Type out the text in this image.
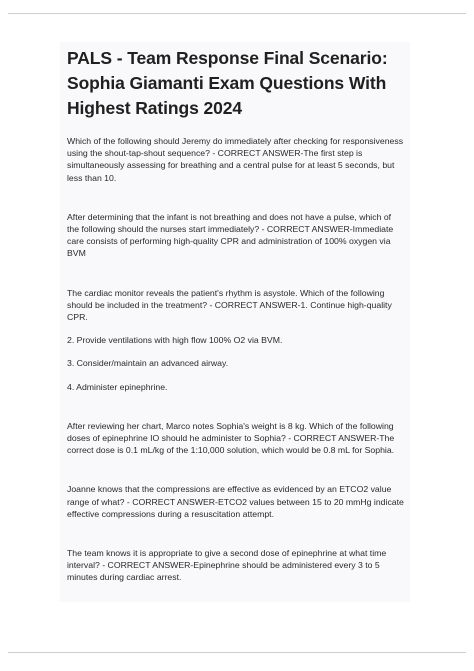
PALS - Team Response Final Scenario: Sophia Giamanti Exam Questions With Highest Ratings 2024

Which of the following should Jeremy do immediately after checking for responsiveness using the shout-tap-shout sequence? - CORRECT ANSWER-The first step is simultaneously assessing for breathing and a central pulse for at least 5 seconds, but less than 10.

After determining that the infant is not breathing and does not have a pulse, which of the following should the nurses start immediately? - CORRECT ANSWER-Immediate care consists of performing high-quality CPR and administration of 100% oxygen via BVM

The cardiac monitor reveals the patient's rhythm is asystole. Which of the following should be included in the treatment? - CORRECT ANSWER-1. Continue high-quality CPR.

2. Provide ventilations with high flow 100% O2 via BVM.

3. Consider/maintain an advanced airway.

4. Administer epinephrine.

After reviewing her chart, Marco notes Sophia's weight is 8 kg. Which of the following doses of epinephrine IO should he administer to Sophia? - CORRECT ANSWER-The correct dose is 0.1 mL/kg of the 1:10,000 solution, which would be 0.8 mL for Sophia.

Joanne knows that the compressions are effective as evidenced by an ETCO2 value range of what? - CORRECT ANSWER-ETCO2 values between 15 to 20 mmHg indicate effective compressions during a resuscitation attempt.

The team knows it is appropriate to give a second dose of epinephrine at what time interval? - CORRECT ANSWER-Epinephrine should be administered every 3 to 5 minutes during cardiac arrest.
